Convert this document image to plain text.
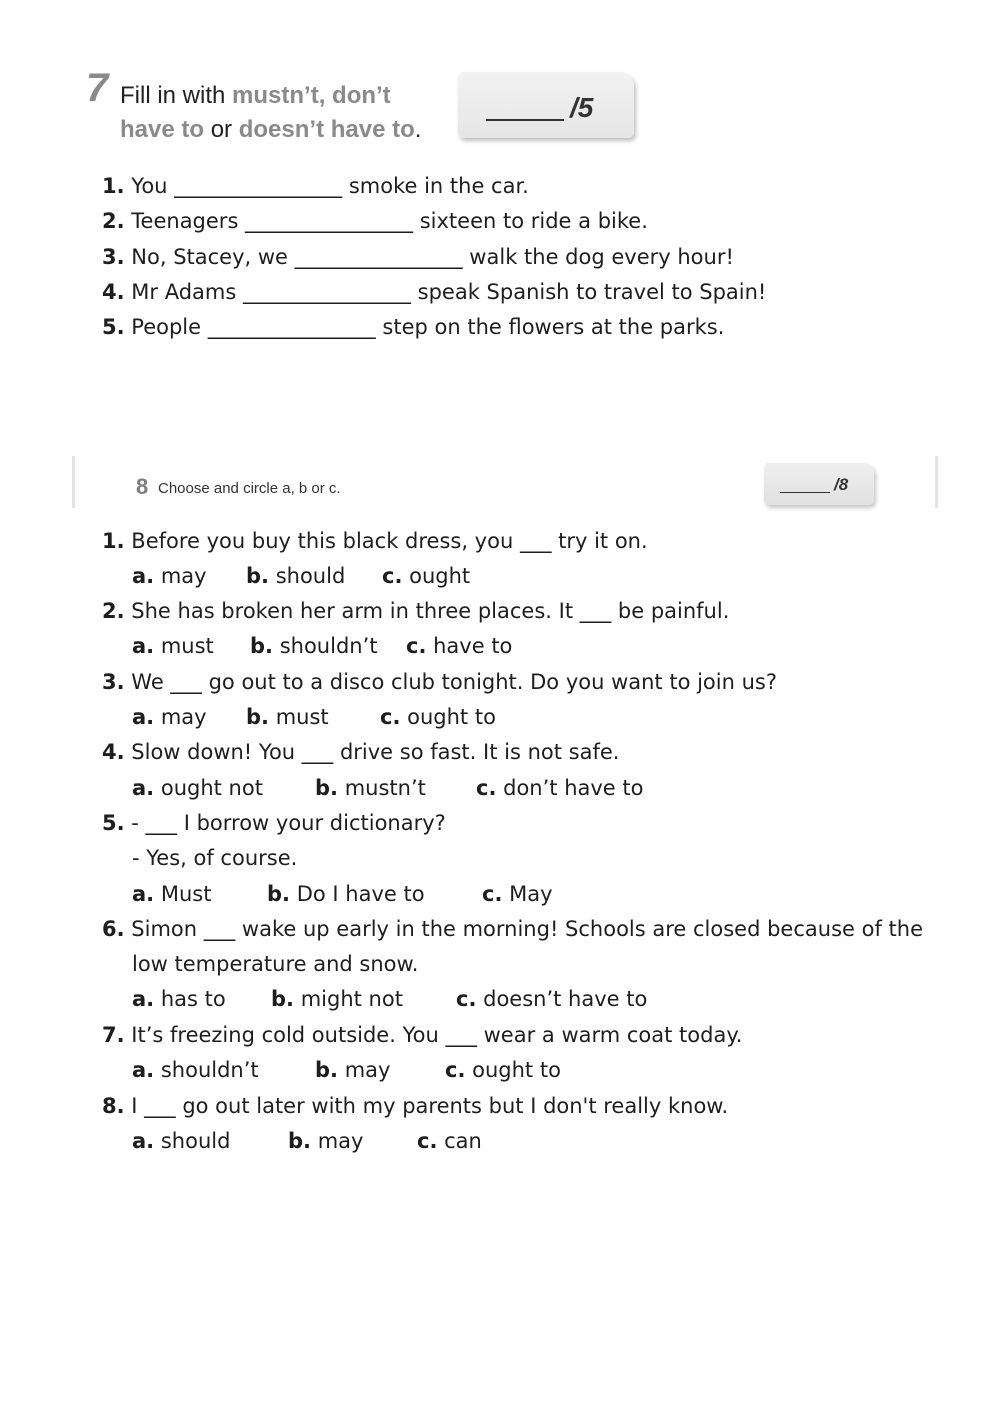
7 Fill in with mustn’t, don’t
have to or doesn’t have to.
/5
1. You ________________ smoke in the car.
2. Teenagers ________________ sixteen to ride a bike.
3. No, Stacey, we ________________ walk the dog every hour!
4. Mr Adams ________________ speak Spanish to travel to Spain!
5. People ________________ step on the flowers at the parks.
8 Choose and circle a, b or c.	/8
1. Before you buy this black dress, you ___ try it on.
a. may b. should c. ought
2. She has broken her arm in three places. It ___ be painful.
a. must b. shouldn’t c. have to
3. We ___ go out to a disco club tonight. Do you want to join us?
a. may b. must c. ought to
4. Slow down! You ___ drive so fast. It is not safe.
a. ought not b. mustn’t c. don’t have to
5. - ___ I borrow your dictionary?
- Yes, of course.
a. Must	b. Do I have to	c. May
6. Simon ___ wake up early in the morning! Schools are closed because of the
low temperature and snow.
a. has to b. might not	c. doesn’t have to
7. It’s freezing cold outside. You ___ wear a warm coat today.
a. shouldn’t	b. may	c. ought to
8. I ___ go out later with my parents but I don't really know.
a. should	b. may	c. can
